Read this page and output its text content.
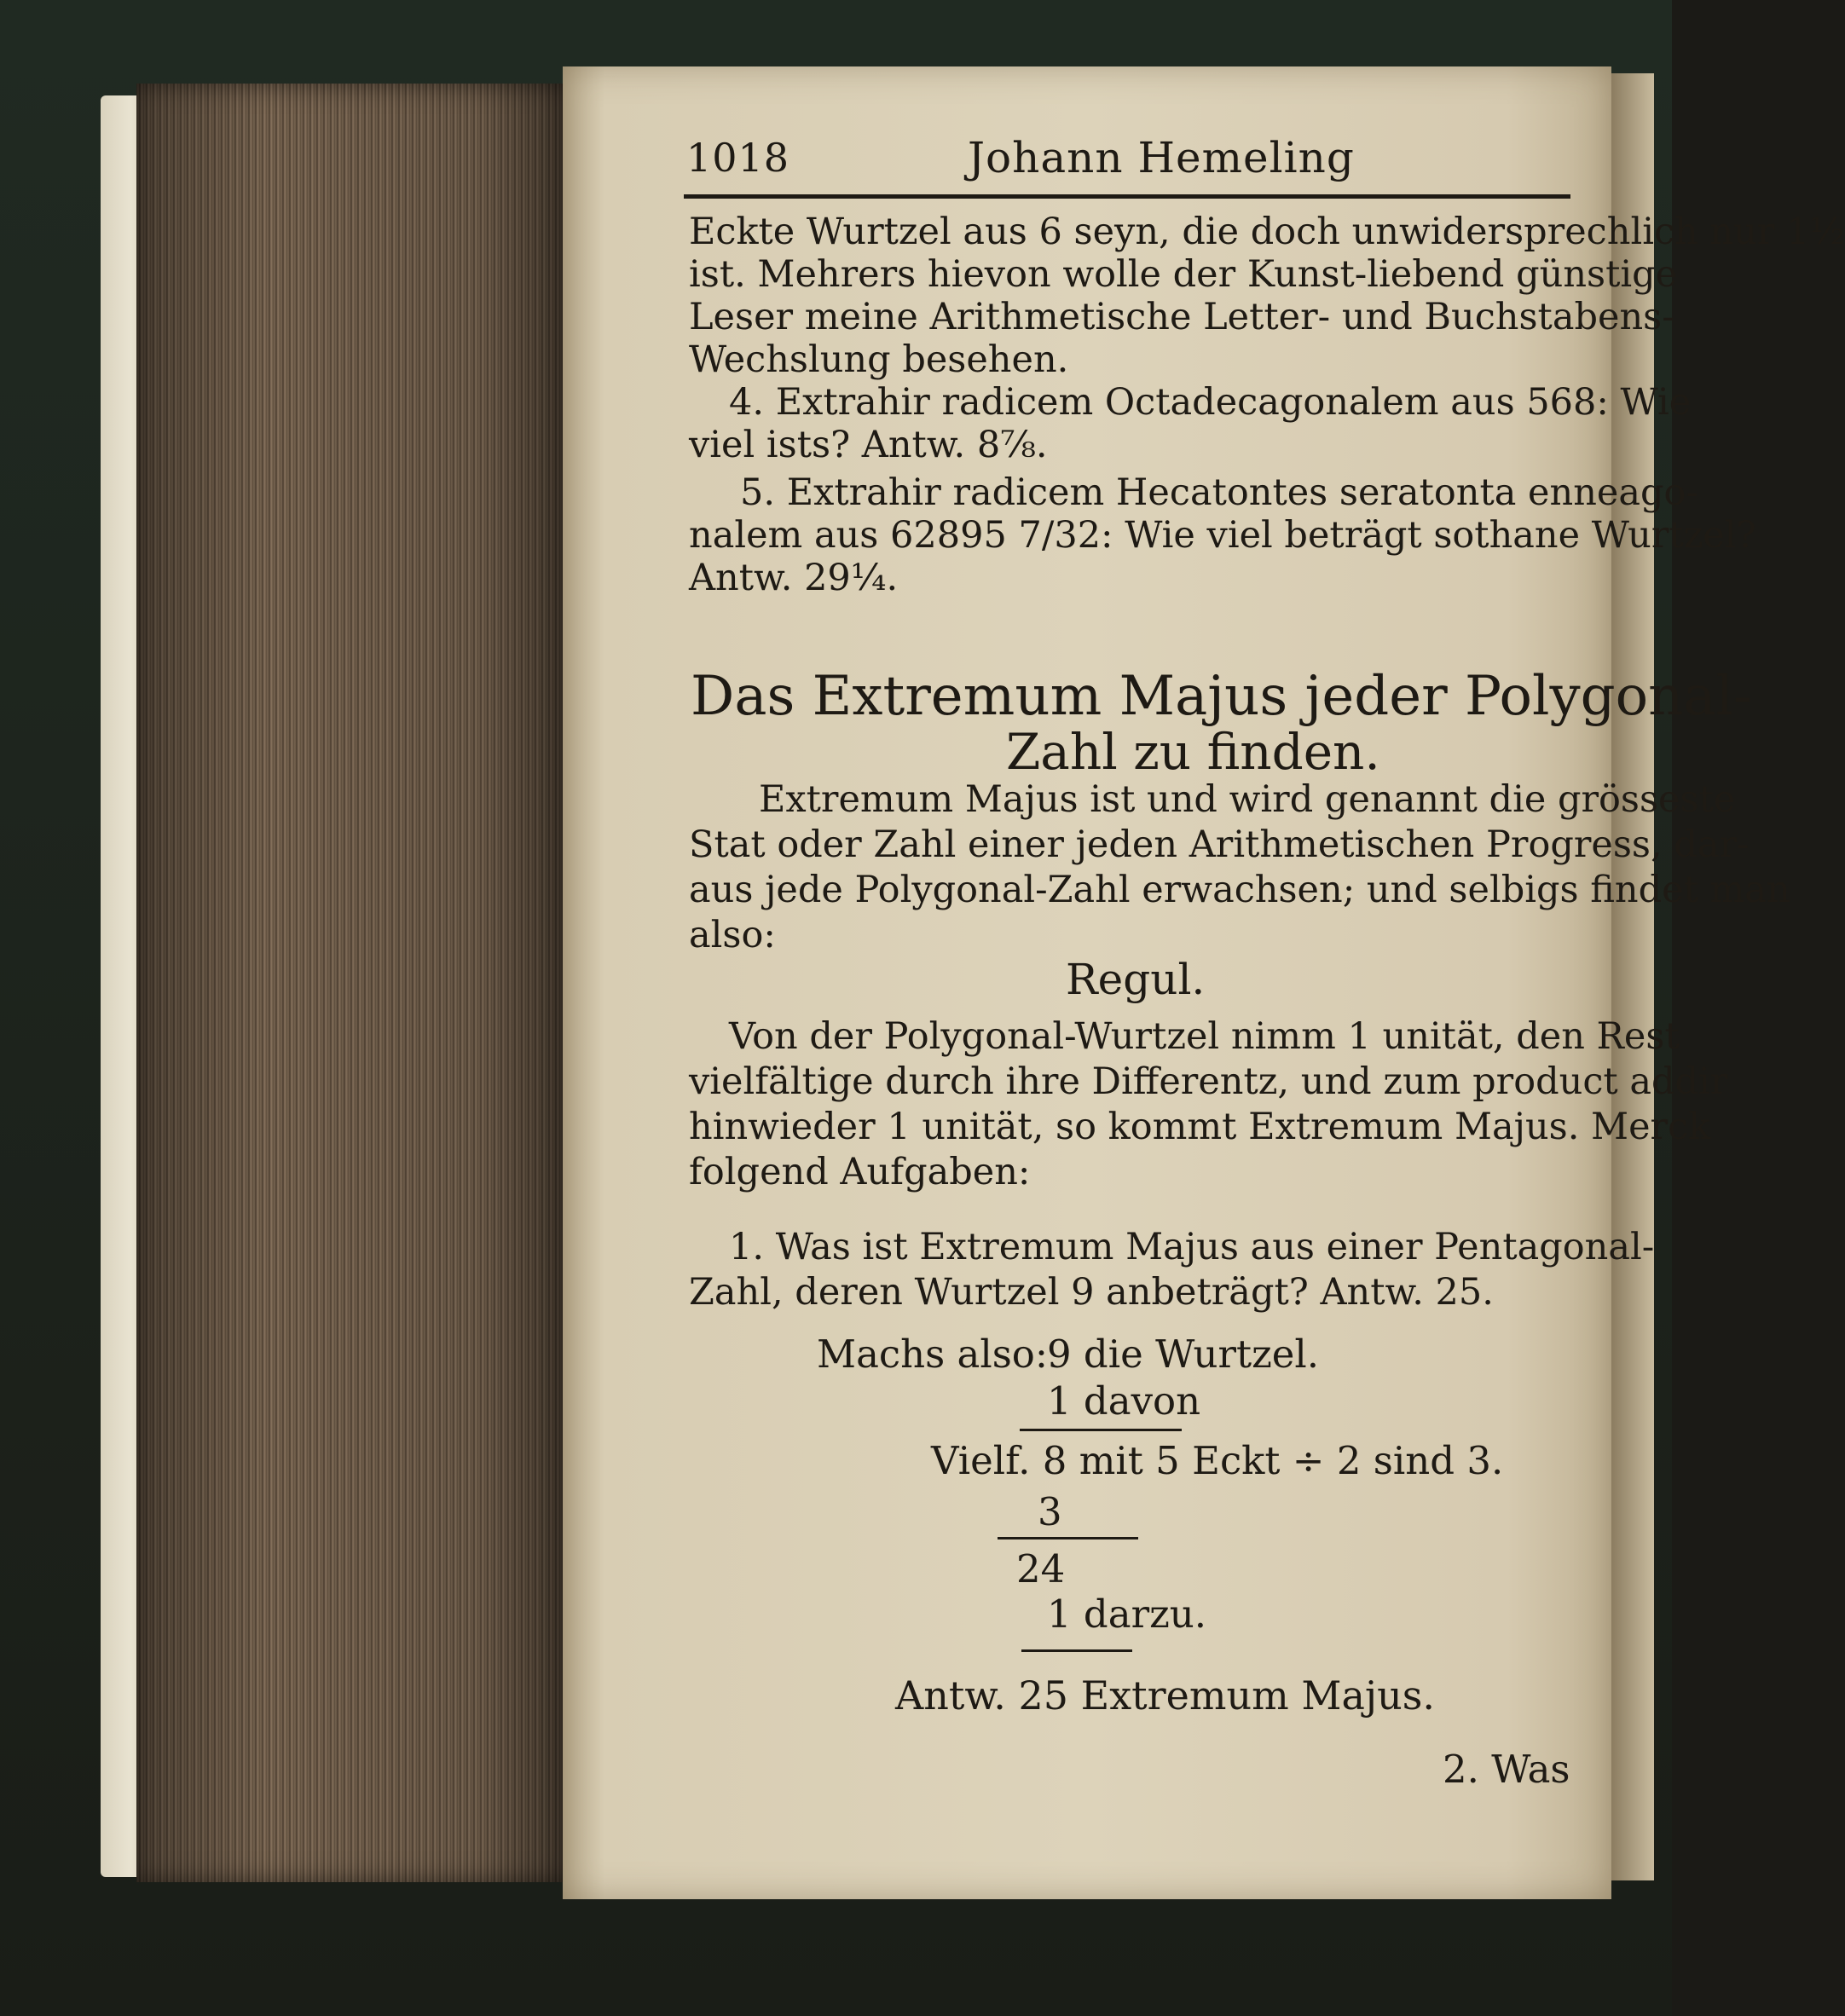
1018	Johann Hemeling
Eckte Wurtzel aus 6 seyn, die doch unwidersprechlich nur 1½
ist. Mehrers hievon wolle der Kunst-liebend günstige
Leser meine Arithmetische Letter- und Buchstabens-
Wechslung besehen.
4. Extrahir radicem Octadecagonalem aus 568: Wie
viel ists? Antw. 8⅞.
5. Extrahir radicem Hecatontes seratonta enneago-
nalem aus 62895 7/32: Wie viel beträgt sothane Wurtzel?
Antw. 29¼.
Das Extremum Majus jeder Polygonal-
Zahl zu finden.
Extremum Majus ist und wird genannt die grösseste
Stat oder Zahl einer jeden Arithmetischen Progress, dar-
aus jede Polygonal-Zahl erwachsen; und selbigs findet man
also:
Regul.
Von der Polygonal-Wurtzel nimm 1 unität, den Rest
vielfältige durch ihre Differentz, und zum product addir
hinwieder 1 unität, so kommt Extremum Majus. Merck
folgend Aufgaben:
1. Was ist Extremum Majus aus einer Pentagonal-
Zahl, deren Wurtzel 9 anbeträgt? Antw. 25.
Machs also:
9 die Wurtzel.
1 davon
Vielf. 8 mit 5 Eckt ÷ 2 sind 3.
3
24
1 darzu.
Antw. 25 Extremum Majus.
2. Was
